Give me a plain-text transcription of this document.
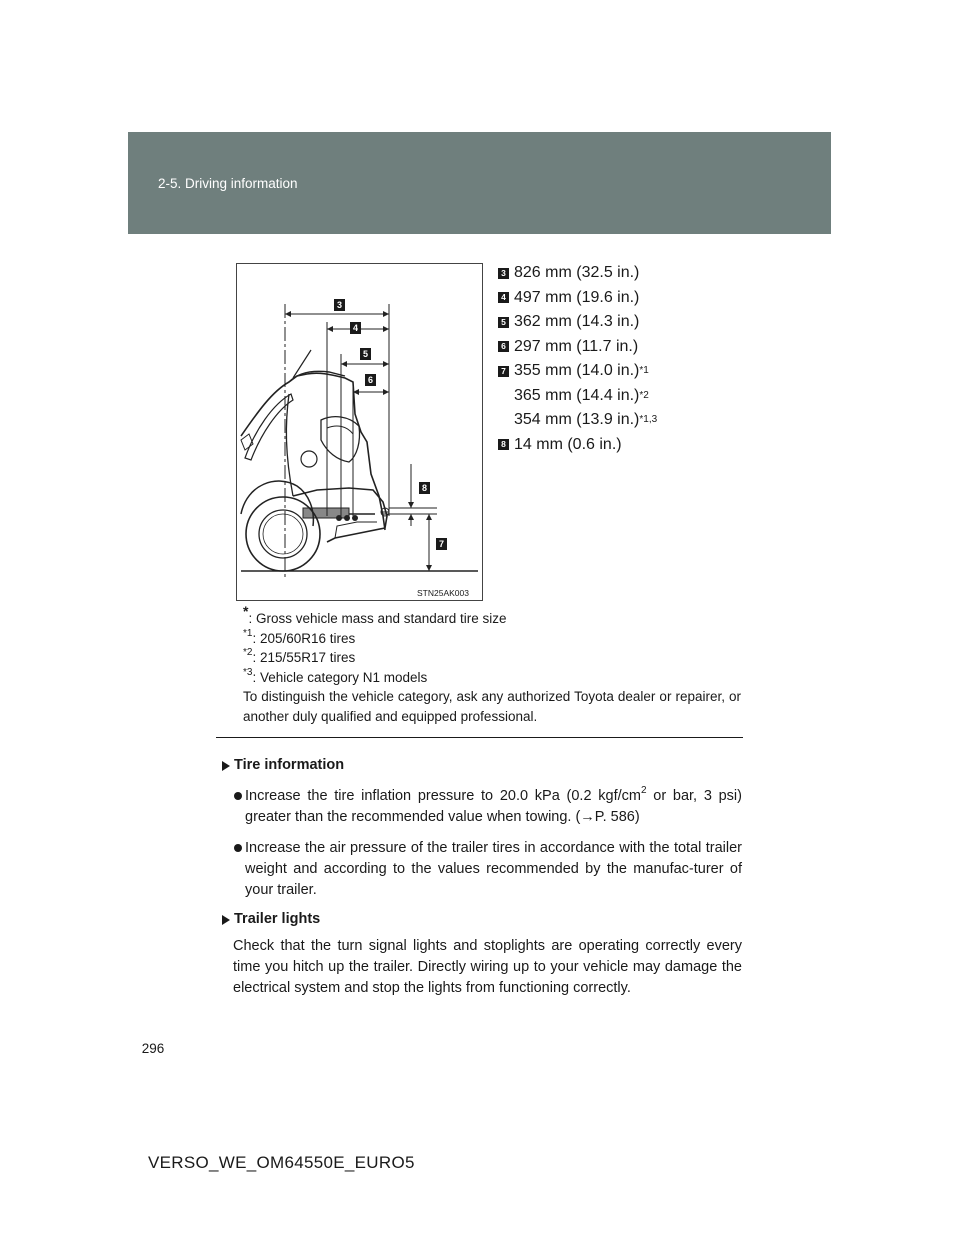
2-5. Driving information
3
4
5
6
7
8
STN25AK003
3 826 mm (32.5 in.)
4 497 mm (19.6 in.)
5 362 mm (14.3 in.)
6 297 mm (11.7 in.)
7 355 mm (14.0 in.) *1
365 mm (14.4 in.) *2
354 mm (13.9 in.) *1,3
8 14 mm (0.6 in.)
*: Gross vehicle mass and standard tire size
$^{*1}$: 205/60R16 tires
$^{*2}$: 215/55R17 tires
$^{*3}$: Vehicle category N1 models
To distinguish the vehicle category, ask any authorized Toyota dealer or repairer, or another duly qualified and equipped professional.
Tire information
Increase the tire inflation pressure to 20.0 kPa (0.2 kgf/$cm^2$ or bar, 3 psi) greater than the recommended value when towing. (→P. 586)
Increase the air pressure of the trailer tires in accordance with the total trailer weight and according to the values recommended by the manufac-turer of your trailer.
Trailer lights
Check that the turn signal lights and stoplights are operating correctly every time you hitch up the trailer. Directly wiring up to your vehicle may damage the electrical system and stop the lights from functioning correctly.
296
VERSO_WE_OM64550E_EURO5
